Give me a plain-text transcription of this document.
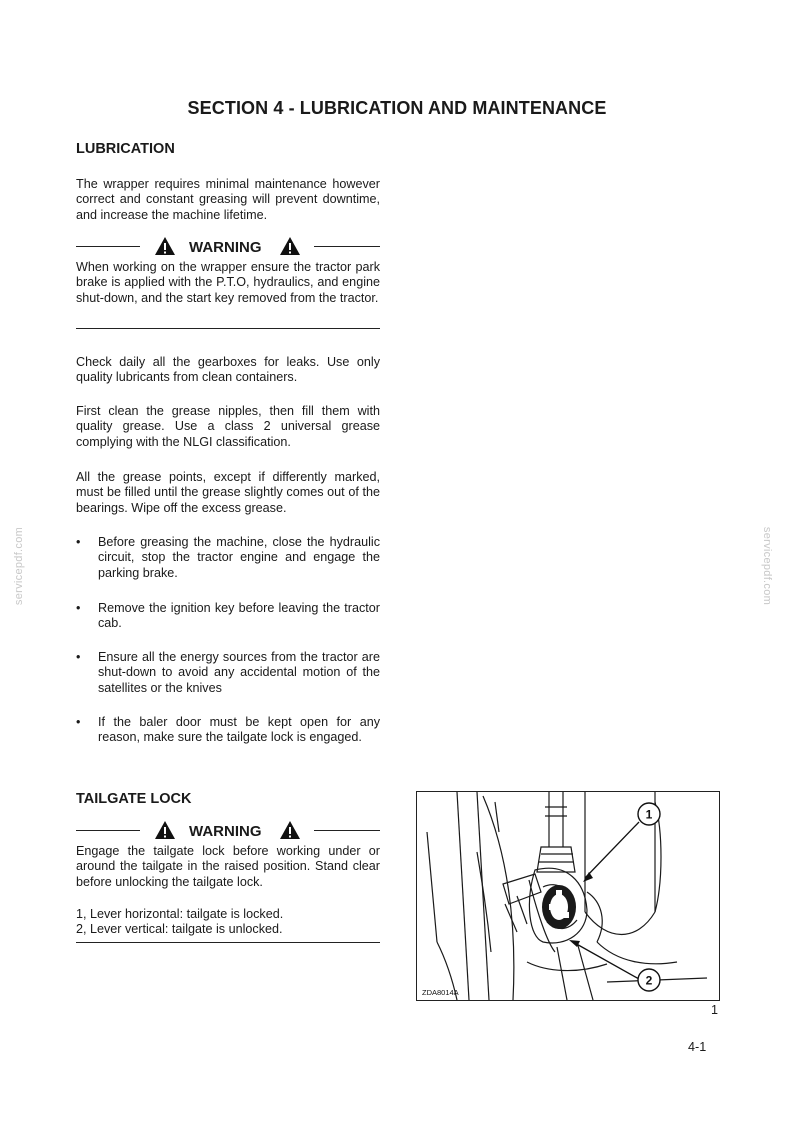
SECTION 4 - LUBRICATION AND MAINTENANCE
LUBRICATION
The wrapper requires minimal maintenance however correct and constant greasing will prevent downtime, and increase the machine lifetime.
WARNING
When working on the wrapper ensure the tractor park brake is applied with the P.T.O, hydraulics, and engine shut-down, and the start key removed from the tractor.
Check daily all the gearboxes for leaks. Use only quality lubricants from clean containers.
First clean the grease nipples, then fill them with quality grease. Use a class 2 universal grease complying with the NLGI classification.
All the grease points, except if differently marked, must be filled until the grease slightly comes out of the bearings. Wipe off the excess grease.
• Before greasing the machine, close the hydraulic circuit, stop the tractor engine and engage the parking brake.
• Remove the ignition key before leaving the tractor cab.
• Ensure all the energy sources from the tractor are shut-down to avoid any accidental motion of the satellites or the knives
• If the baler door must be kept open for any reason, make sure the tailgate lock is engaged.
TAILGATE LOCK
WARNING
Engage the tailgate lock before working under or around the tailgate in the raised position. Stand clear before unlocking the tailgate lock.
1, Lever horizontal: tailgate is locked.
2, Lever vertical: tailgate is unlocked.
1
2
ZDA8014A
1
4-1
servicepdf.com	servicepdf.com
